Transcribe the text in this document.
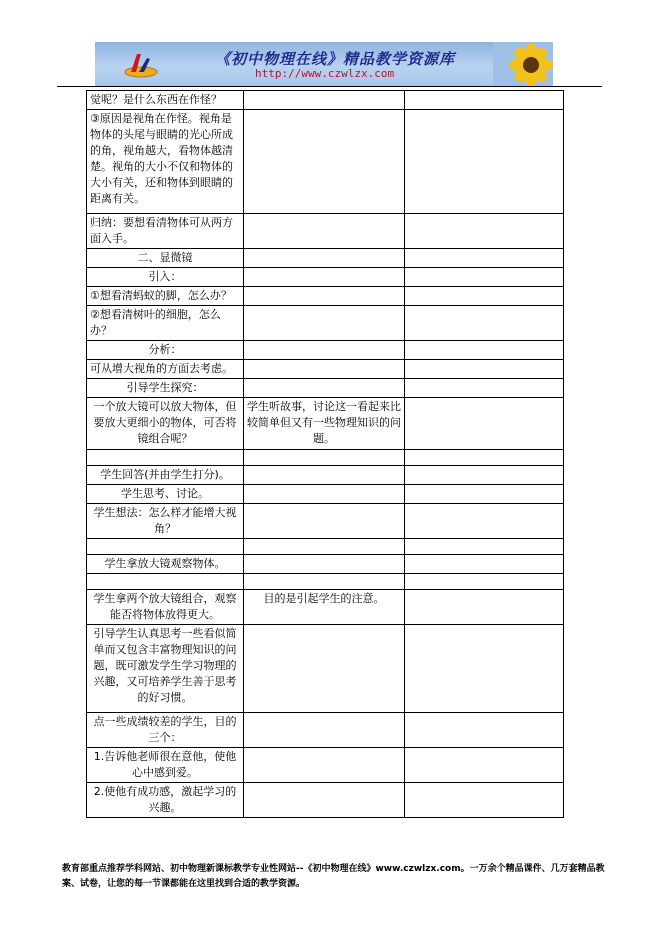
《初中物理在线》精品教学资源库
http://www.czwlzx.com
觉呢？是什么东西在作怪？		
③原因是视角在作怪。视角是物体的头尾与眼睛的光心所成的角，视角越大，看物体越清楚。视角的大小不仅和物体的大小有关，还和物体到眼睛的距离有关。		
归纳：要想看清物体可从两方面入手。		
二、显微镜		
引入：		
①想看清蚂蚁的脚，怎么办？		
②想看清树叶的细胞，怎么办？		
分析：		
可从增大视角的方面去考虑。		
引导学生探究：		
一个放大镜可以放大物体，但要放大更细小的物体，可否将镜组合呢？	学生听故事，讨论这一看起来比较简单但又有一些物理知识的问题。	

学生回答(并由学生打分)。		
学生思考、讨论。		
学生想法：怎么样才能增大视角？		

学生拿放大镜观察物体。		

学生拿两个放大镜组合，观察能否将物体放得更大。	目的是引起学生的注意。	
引导学生认真思考一些看似简单而又包含丰富物理知识的问题，既可激发学生学习物理的兴趣，又可培养学生善于思考的好习惯。		
点一些成绩较差的学生，目的三个：		
1.告诉他老师很在意他，使他心中感到爱。		
2.使他有成功感，激起学习的兴趣。		
教育部重点推荐学科网站、初中物理新课标教学专业性网站--《初中物理在线》www.czwlzx.com。一万余个精品课件、几万套精品教案、试卷，让您的每一节课都能在这里找到合适的教学资源。
